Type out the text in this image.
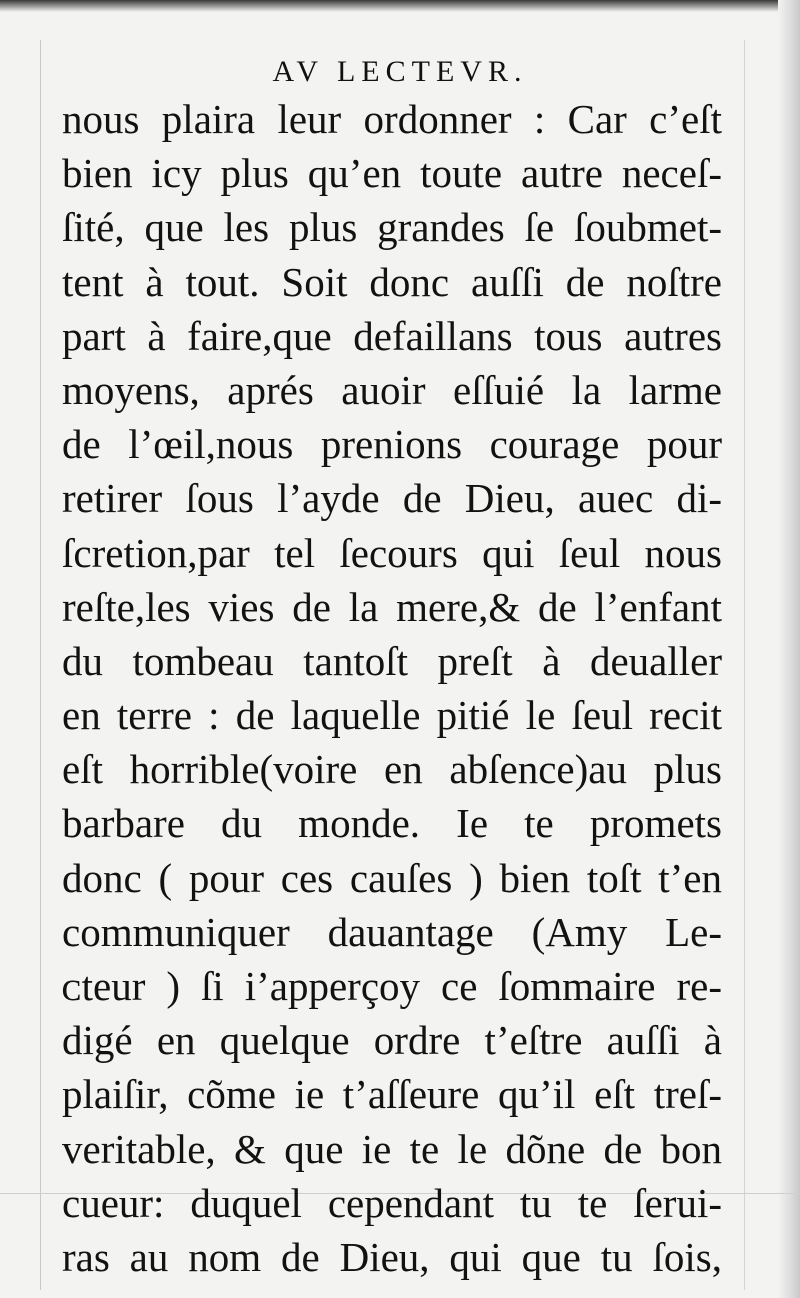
AV LECTEVR.
nous plaira leur ordonner : Car c’eſt
bien icy plus qu’en toute autre neceſ-
ſité, que les plus grandes ſe ſoubmet-
tent à tout. Soit donc auſſi de noſtre
part à faire,que defaillans tous autres
moyens, aprés auoir eſſuié la larme
de l’œil,nous prenions courage pour
retirer ſous l’ayde de Dieu, auec di-
ſcretion,par tel ſecours qui ſeul nous
reſte,les vies de la mere,& de l’enfant
du tombeau tantoſt preſt à deualler
en terre : de laquelle pitié le ſeul recit
eſt horrible(voire en abſence)au plus
barbare du monde. Ie te promets
donc ( pour ces cauſes ) bien toſt t’en
communiquer dauantage (Amy Le-
ᴄteur ) ſi i’apperçoy ce ſommaire re-
digé en quelque ordre t’eſtre auſſi à
plaiſir, cõme ie t’aſſeure qu’il eſt treſ-
veritable, & que ie te le dõne de bon
cueur: duquel cependant tu te ſerui-
ras au nom de Dieu, qui que tu ſois,
